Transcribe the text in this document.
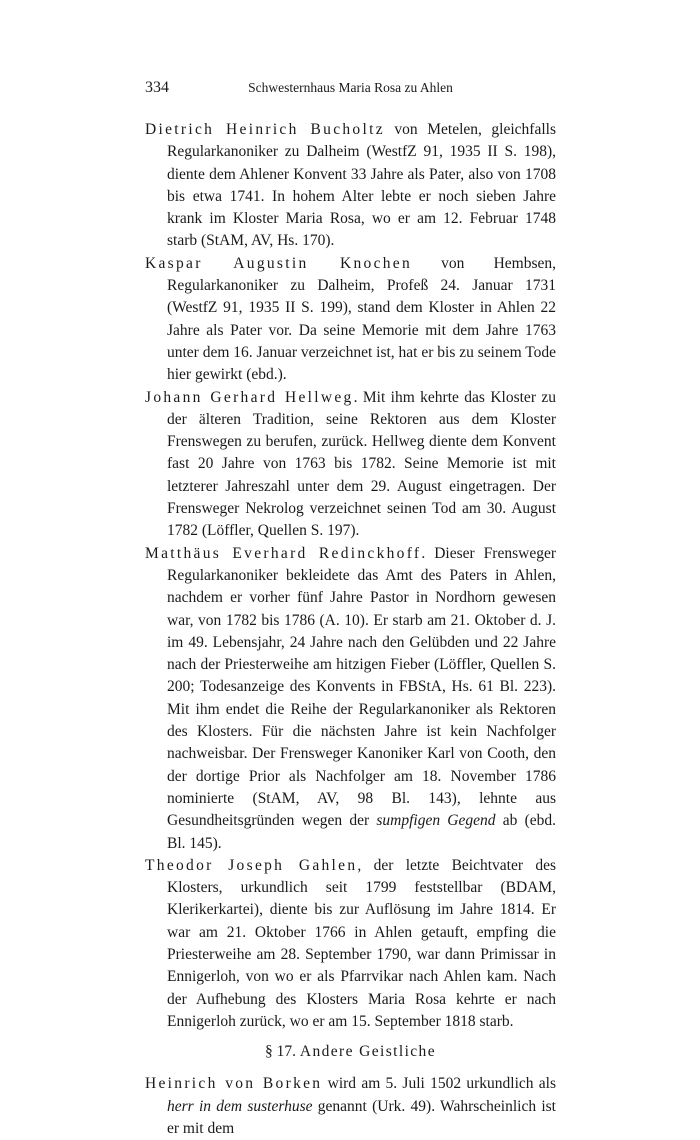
334	Schwesternhaus Maria Rosa zu Ahlen

Dietrich Heinrich Bucholtz von Metelen, gleichfalls Regularkanoniker zu Dalheim (WestfZ 91, 1935 II S. 198), diente dem Ahlener Konvent 33 Jahre als Pater, also von 1708 bis etwa 1741. In hohem Alter lebte er noch sieben Jahre krank im Kloster Maria Rosa, wo er am 12. Februar 1748 starb (StAM, AV, Hs. 170).

Kaspar Augustin Knochen von Hembsen, Regularkanoniker zu Dalheim, Profeß 24. Januar 1731 (WestfZ 91, 1935 II S. 199), stand dem Kloster in Ahlen 22 Jahre als Pater vor. Da seine Memorie mit dem Jahre 1763 unter dem 16. Januar verzeichnet ist, hat er bis zu seinem Tode hier gewirkt (ebd.).

Johann Gerhard Hellweg. Mit ihm kehrte das Kloster zu der älteren Tradition, seine Rektoren aus dem Kloster Frenswegen zu berufen, zurück. Hellweg diente dem Konvent fast 20 Jahre von 1763 bis 1782. Seine Memorie ist mit letzterer Jahreszahl unter dem 29. August eingetragen. Der Frensweger Nekrolog verzeichnet seinen Tod am 30. August 1782 (Löffler, Quellen S. 197).

Matthäus Everhard Redinckhoff. Dieser Frensweger Regularkanoniker bekleidete das Amt des Paters in Ahlen, nachdem er vorher fünf Jahre Pastor in Nordhorn gewesen war, von 1782 bis 1786 (A. 10). Er starb am 21. Oktober d. J. im 49. Lebensjahr, 24 Jahre nach den Gelübden und 22 Jahre nach der Priesterweihe am hitzigen Fieber (Löffler, Quellen S. 200; Todesanzeige des Konvents in FBStA, Hs. 61 Bl. 223). Mit ihm endet die Reihe der Regularkanoniker als Rektoren des Klosters. Für die nächsten Jahre ist kein Nachfolger nachweisbar. Der Frensweger Kanoniker Karl von Cooth, den der dortige Prior als Nachfolger am 18. November 1786 nominierte (StAM, AV, 98 Bl. 143), lehnte aus Gesundheitsgründen wegen der sumpfigen Gegend ab (ebd. Bl. 145).

Theodor Joseph Gahlen, der letzte Beichtvater des Klosters, urkundlich seit 1799 feststellbar (BDAM, Klerikerkartei), diente bis zur Auflösung im Jahre 1814. Er war am 21. Oktober 1766 in Ahlen getauft, empfing die Priesterweihe am 28. September 1790, war dann Primissar in Ennigerloh, von wo er als Pfarrvikar nach Ahlen kam. Nach der Aufhebung des Klosters Maria Rosa kehrte er nach Ennigerloh zurück, wo er am 15. September 1818 starb.

§ 17. Andere Geistliche

Heinrich von Borken wird am 5. Juli 1502 urkundlich als herr in dem susterhuse genannt (Urk. 49). Wahrscheinlich ist er mit dem
